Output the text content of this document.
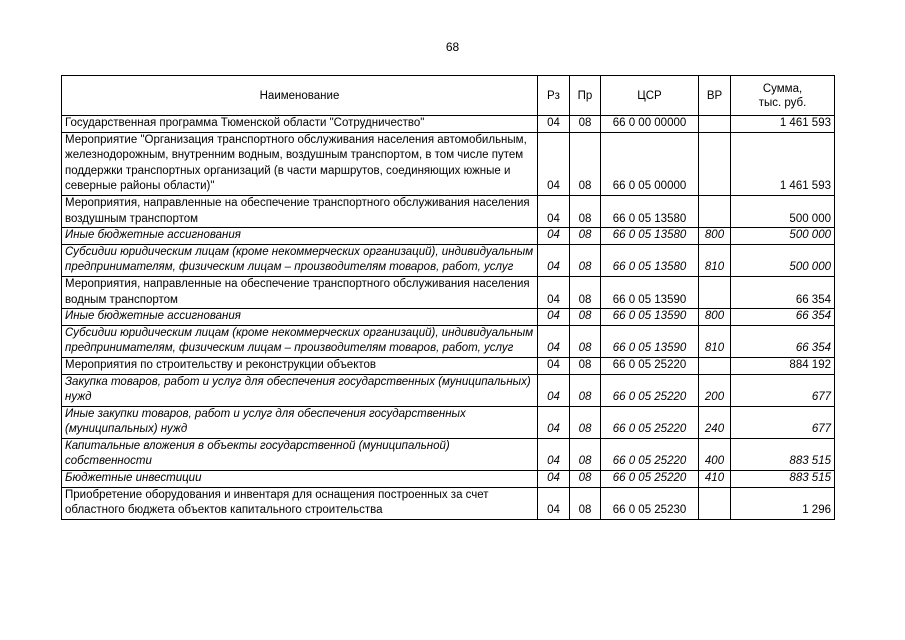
68
Наименование	Рз	Пр	ЦСР	ВР	Сумма,
тыс. руб.
Государственная программа Тюменской области "Сотрудничество"	04	08	66 0 00 00000		1 461 593
Мероприятие "Организация транспортного обслуживания населения автомобильным, железнодорожным, внутренним водным, воздушным транспортом, в том числе путем поддержки транспортных организаций (в части маршрутов, соединяющих южные и северные районы области)"	04	08	66 0 05 00000		1 461 593
Мероприятия, направленные на обеспечение транспортного обслуживания населения воздушным транспортом	04	08	66 0 05 13580		500 000
Иные бюджетные ассигнования	04	08	66 0 05 13580	800	500 000
Субсидии юридическим лицам (кроме некоммерческих организаций), индивидуальным предпринимателям, физическим лицам – производителям товаров, работ, услуг	04	08	66 0 05 13580	810	500 000
Мероприятия, направленные на обеспечение транспортного обслуживания населения водным транспортом	04	08	66 0 05 13590		66 354
Иные бюджетные ассигнования	04	08	66 0 05 13590	800	66 354
Субсидии юридическим лицам (кроме некоммерческих организаций), индивидуальным предпринимателям, физическим лицам – производителям товаров, работ, услуг	04	08	66 0 05 13590	810	66 354
Мероприятия по строительству и реконструкции объектов	04	08	66 0 05 25220		884 192
Закупка товаров, работ и услуг для обеспечения государственных (муниципальных) нужд	04	08	66 0 05 25220	200	677
Иные закупки товаров, работ и услуг для обеспечения государственных (муниципальных) нужд	04	08	66 0 05 25220	240	677
Капитальные вложения в объекты государственной (муниципальной) собственности	04	08	66 0 05 25220	400	883 515
Бюджетные инвестиции	04	08	66 0 05 25220	410	883 515
Приобретение оборудования и инвентаря для оснащения построенных за счет областного бюджета объектов капитального строительства	04	08	66 0 05 25230		1 296
